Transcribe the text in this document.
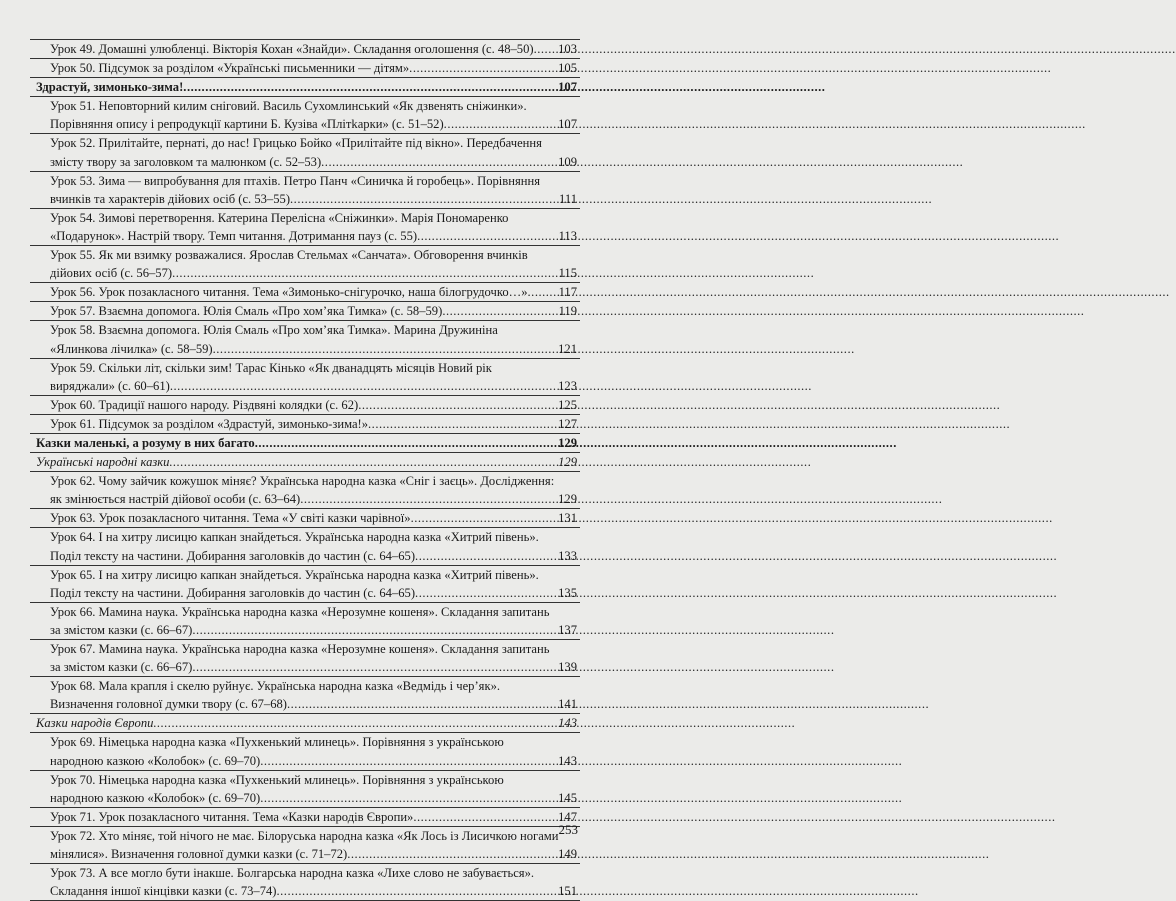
Урок 49. Домашні улюбленці. Вікторія Кохан «Знайди». Складання оголошення (с. 48–50) ..... 103
Урок 50. Підсумок за розділом «Українські письменники — дітям» .....	105
Здрастуй, зимонько-зима! .....	107
Урок 51. Неповторний килим сніговий. Василь Сухомлинський «Як дзвенять сніжинки».
Порівняння опису і репродукції картини Б. Кузіва «Плітkарки» (с. 51–52) .....	107
Урок 52. Прилітайте, пернаті, до нас! Грицько Бойко «Прилітайте під вікно». Передбачення
змісту твору за заголовком та малюнком (с. 52–53) .....	109
Урок 53. Зима — випробування для птахів. Петро Панч «Синичка й горобець». Порівняння
вчинків та характерів дійових осіб (с. 53–55) .....	111
Урок 54. Зимові перетворення. Катерина Перелісна «Сніжинки». Марія Пономаренко
«Подарунок». Настрій твору. Темп читання. Дотримання пауз (с. 55) .....	113
Урок 55. Як ми взимку розважалися. Ярослав Стельмах «Санчата». Обговорення вчинків
дійових осіб (с. 56–57) .....	115
Урок 56. Урок позакласного читання. Тема «Зимонько-снігурочко, наша білогрудочко…» ..... 117
Урок 57. Взаємна допомога. Юлія Смаль «Про хом’яка Тимка» (с. 58–59) .....	119
Урок 58. Взаємна допомога. Юлія Смаль «Про хом’яка Тимка». Марина Дружиніна
«Ялинкова лічилка» (с. 58–59) .....	121
Урок 59. Скільки літ, скільки зим! Тарас Кінько «Як дванадцять місяців Новий рік
виряджали» (с. 60–61) .....	123
Урок 60. Традиції нашого народу. Різдвяні колядки (с. 62) .....	125
Урок 61. Підсумок за розділом «Здрастуй, зимонько-зима!» .....	127
Казки маленькі, а розуму в них багато .....	129
Українські народні казки .....	129
Урок 62. Чому зайчик кожушок міняє? Українська народна казка «Сніг і заєць». Дослідження:
як змінюється настрій дійової особи (с. 63–64) .....	129
Урок 63. Урок позакласного читання. Тема «У світі казки чарівної» .....	131
Урок 64. І на хитру лисицю капкан знайдеться. Українська народна казка «Хитрий півень».
Поділ тексту на частини. Добирання заголовків до частин (с. 64–65) .....	133
Урок 65. І на хитру лисицю капкан знайдеться. Українська народна казка «Хитрий півень».
Поділ тексту на частини. Добирання заголовків до частин (с. 64–65) .....	135
Урок 66. Мамина наука. Українська народна казка «Нерозумне кошеня». Складання запитань
за змістом казки (с. 66–67) .....	137
Урок 67. Мамина наука. Українська народна казка «Нерозумне кошеня». Складання запитань
за змістом казки (с. 66–67) .....	139
Урок 68. Мала крапля і скелю руйнує. Українська народна казка «Ведмідь і чер’як».
Визначення головної думки твору (с. 67–68) .....	141
Казки народів Європи .....	143
Урок 69. Німецька народна казка «Пухкенький млинець». Порівняння з українською
народною казкою «Колобок» (с. 69–70) .....	143
Урок 70. Німецька народна казка «Пухкенький млинець». Порівняння з українською
народною казкою «Колобок» (с. 69–70) .....	145
Урок 71. Урок позакласного читання. Тема «Казки народів Європи» .....	147
Урок 72. Хто міняє, той нічого не має. Білоруська народна казка «Як Лось із Лисичкою ногами
мінялися». Визначення головної думки казки (с. 71–72) .....	149
Урок 73. А все могло бути інакше. Болгарська народна казка «Лихе слово не забувається».
Складання іншої кінцівки казки (с. 73–74) .....	151
253
